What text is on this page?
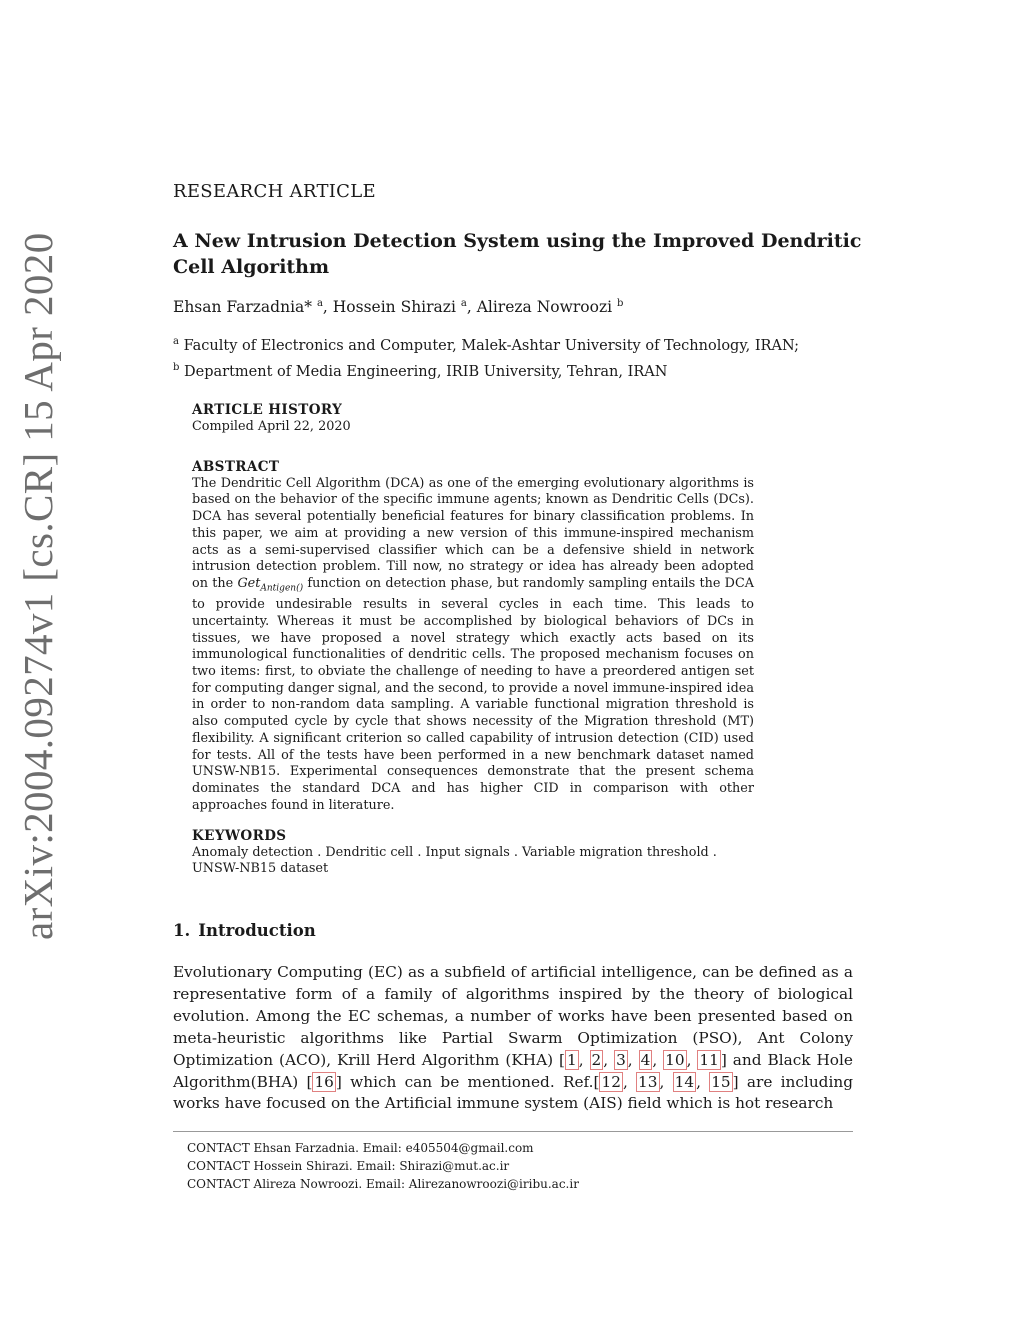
arXiv:2004.09274v1 [cs.CR] 15 Apr 2020
RESEARCH ARTICLE
A New Intrusion Detection System using the Improved Dendritic Cell Algorithm
Ehsan Farzadnia* $^a$, Hossein Shirazi $^a$, Alireza Nowroozi $^b$
$^a$ Faculty of Electronics and Computer, Malek-Ashtar University of Technology, IRAN;
$^b$ Department of Media Engineering, IRIB University, Tehran, IRAN
ARTICLE HISTORY
Compiled April 22, 2020
ABSTRACT

The Dendritic Cell Algorithm (DCA) as one of the emerging evolutionary algorithms is based on the behavior of the specific immune agents; known as Dendritic Cells (DCs). DCA has several potentially beneficial features for binary classification problems. In this paper, we aim at providing a new version of this immune-inspired mechanism acts as a semi-supervised classifier which can be a defensive shield in network intrusion detection problem. Till now, no strategy or idea has already been adopted on the Get$_{Antigen()}$ function on detection phase, but randomly sampling entails the DCA to provide undesirable results in several cycles in each time. This leads to uncertainty. Whereas it must be accomplished by biological behaviors of DCs in tissues, we have proposed a novel strategy which exactly acts based on its immunological functionalities of dendritic cells. The proposed mechanism focuses on two items: first, to obviate the challenge of needing to have a preordered antigen set for computing danger signal, and the second, to provide a novel immune-inspired idea in order to non-random data sampling. A variable functional migration threshold is also computed cycle by cycle that shows necessity of the Migration threshold (MT) flexibility. A significant criterion so called capability of intrusion detection (CID) used for tests. All of the tests have been performed in a new benchmark dataset named UNSW-NB15. Experimental consequences demonstrate that the present schema dominates the standard DCA and has higher CID in comparison with other approaches found in literature.

KEYWORDS
Anomaly detection . Dendritic cell . Input signals . Variable migration threshold . UNSW-NB15 dataset
1. Introduction

Evolutionary Computing (EC) as a subfield of artificial intelligence, can be defined as a representative form of a family of algorithms inspired by the theory of biological evolution. Among the EC schemas, a number of works have been presented based on meta-heuristic algorithms like Partial Swarm Optimization (PSO), Ant Colony Optimization (ACO), Krill Herd Algorithm (KHA) [ 1 , 2 , 3 , 4 , 10 , 11 ] and Black Hole Algorithm(BHA) [ 16 ] which can be mentioned. Ref.[ 12 , 13 , 14 , 15 ] are including works have focused on the Artificial immune system (AIS) field which is hot research

CONTACT Ehsan Farzadnia. Email: e405504@gmail.com
CONTACT Hossein Shirazi. Email: Shirazi@mut.ac.ir
CONTACT Alireza Nowroozi. Email: Alirezanowroozi@iribu.ac.ir
